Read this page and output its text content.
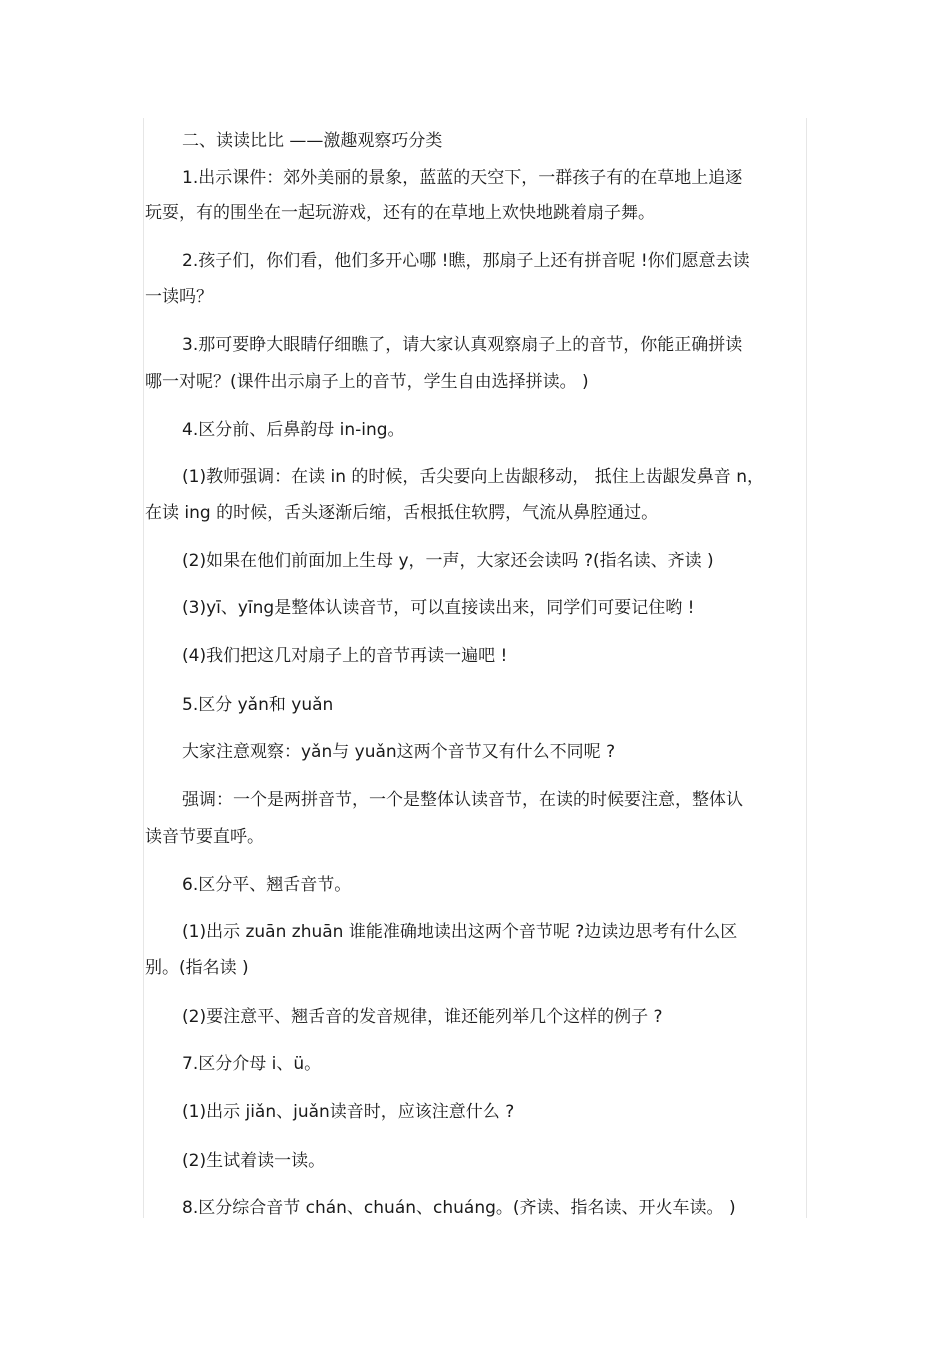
二、读读比比 ——激趣观察巧分类

1.出示课件：郊外美丽的景象，蓝蓝的天空下，一群孩子有的在草地上追逐

玩耍，有的围坐在一起玩游戏，还有的在草地上欢快地跳着扇子舞。

2.孩子们，你们看，他们多开心哪 !瞧，那扇子上还有拼音呢 !你们愿意去读

一读吗？

3.那可要睁大眼睛仔细瞧了，请大家认真观察扇子上的音节，你能正确拼读

哪一对呢？(课件出示扇子上的音节，学生自由选择拼读。 )

4.区分前、后鼻韵母 in-ing。

(1)教师强调：在读 in 的时候，舌尖要向上齿龈移动， 抵住上齿龈发鼻音 n，

在读 ing 的时候，舌头逐渐后缩，舌根抵住软腭，气流从鼻腔通过。

(2)如果在他们前面加上生母 y，一声，大家还会读吗 ?(指名读、齐读 )

(3)yī、yīng是整体认读音节，可以直接读出来，同学们可要记住哟 !

(4)我们把这几对扇子上的音节再读一遍吧 !

5.区分 yǎn和 yuǎn

大家注意观察：yǎn与 yuǎn这两个音节又有什么不同呢 ?

强调：一个是两拼音节，一个是整体认读音节，在读的时候要注意，整体认

读音节要直呼。

6.区分平、翘舌音节。

(1)出示 zuān zhuān 谁能准确地读出这两个音节呢 ?边读边思考有什么区

别。(指名读 )

(2)要注意平、翘舌音的发音规律，谁还能列举几个这样的例子 ?

7.区分介母 i、ü。

(1)出示 jiǎn、juǎn读音时，应该注意什么 ?

(2)生试着读一读。

8.区分综合音节 chán、chuán、chuáng。(齐读、指名读、开火车读。 )
